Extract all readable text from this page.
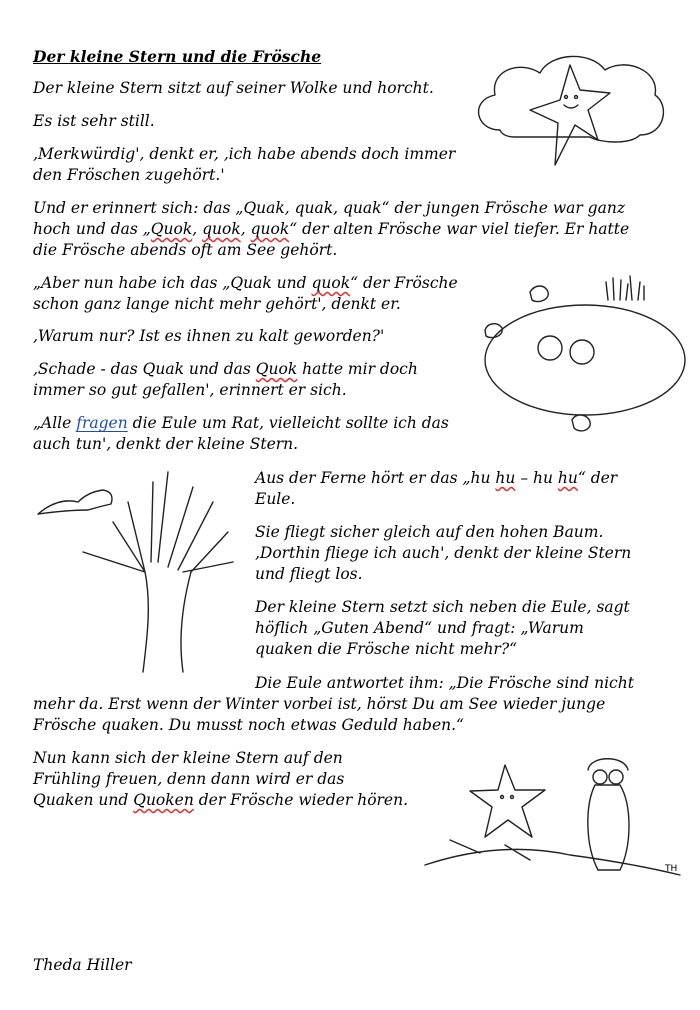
Der kleine Stern und die Frösche

Der kleine Stern sitzt auf seiner Wolke und horcht.

Es ist sehr still.

‚Merkwürdig', denkt er, ‚ich habe abends doch immer
den Fröschen zugehört.'

Und er erinnert sich: das „Quak, quak, quak“ der jungen Frösche war ganz
hoch und das „Quok, quok, quok“ der alten Frösche war viel tiefer. Er hatte
die Frösche abends oft am See gehört.

„Aber nun habe ich das „Quak und quok“ der Frösche
schon ganz lange nicht mehr gehört', denkt er.

‚Warum nur? Ist es ihnen zu kalt geworden?'

‚Schade - das Quak und das Quok hatte mir doch
immer so gut gefallen', erinnert er sich.

„Alle fragen die Eule um Rat, vielleicht sollte ich das
auch tun', denkt der kleine Stern.

Aus der Ferne hört er das „hu hu – hu hu“ der
Eule.

Sie fliegt sicher gleich auf den hohen Baum.
‚Dorthin fliege ich auch', denkt der kleine Stern
und fliegt los.

Der kleine Stern setzt sich neben die Eule, sagt
höflich „Guten Abend“ und fragt: „Warum
quaken die Frösche nicht mehr?“

Die Eule antwortet ihm: „Die Frösche sind nicht
mehr da. Erst wenn der Winter vorbei ist, hörst Du am See wieder junge
Frösche quaken. Du musst noch etwas Geduld haben.“

Nun kann sich der kleine Stern auf den
Frühling freuen, denn dann wird er das
Quaken und Quoken der Frösche wieder hören.

Theda Hiller

TH
